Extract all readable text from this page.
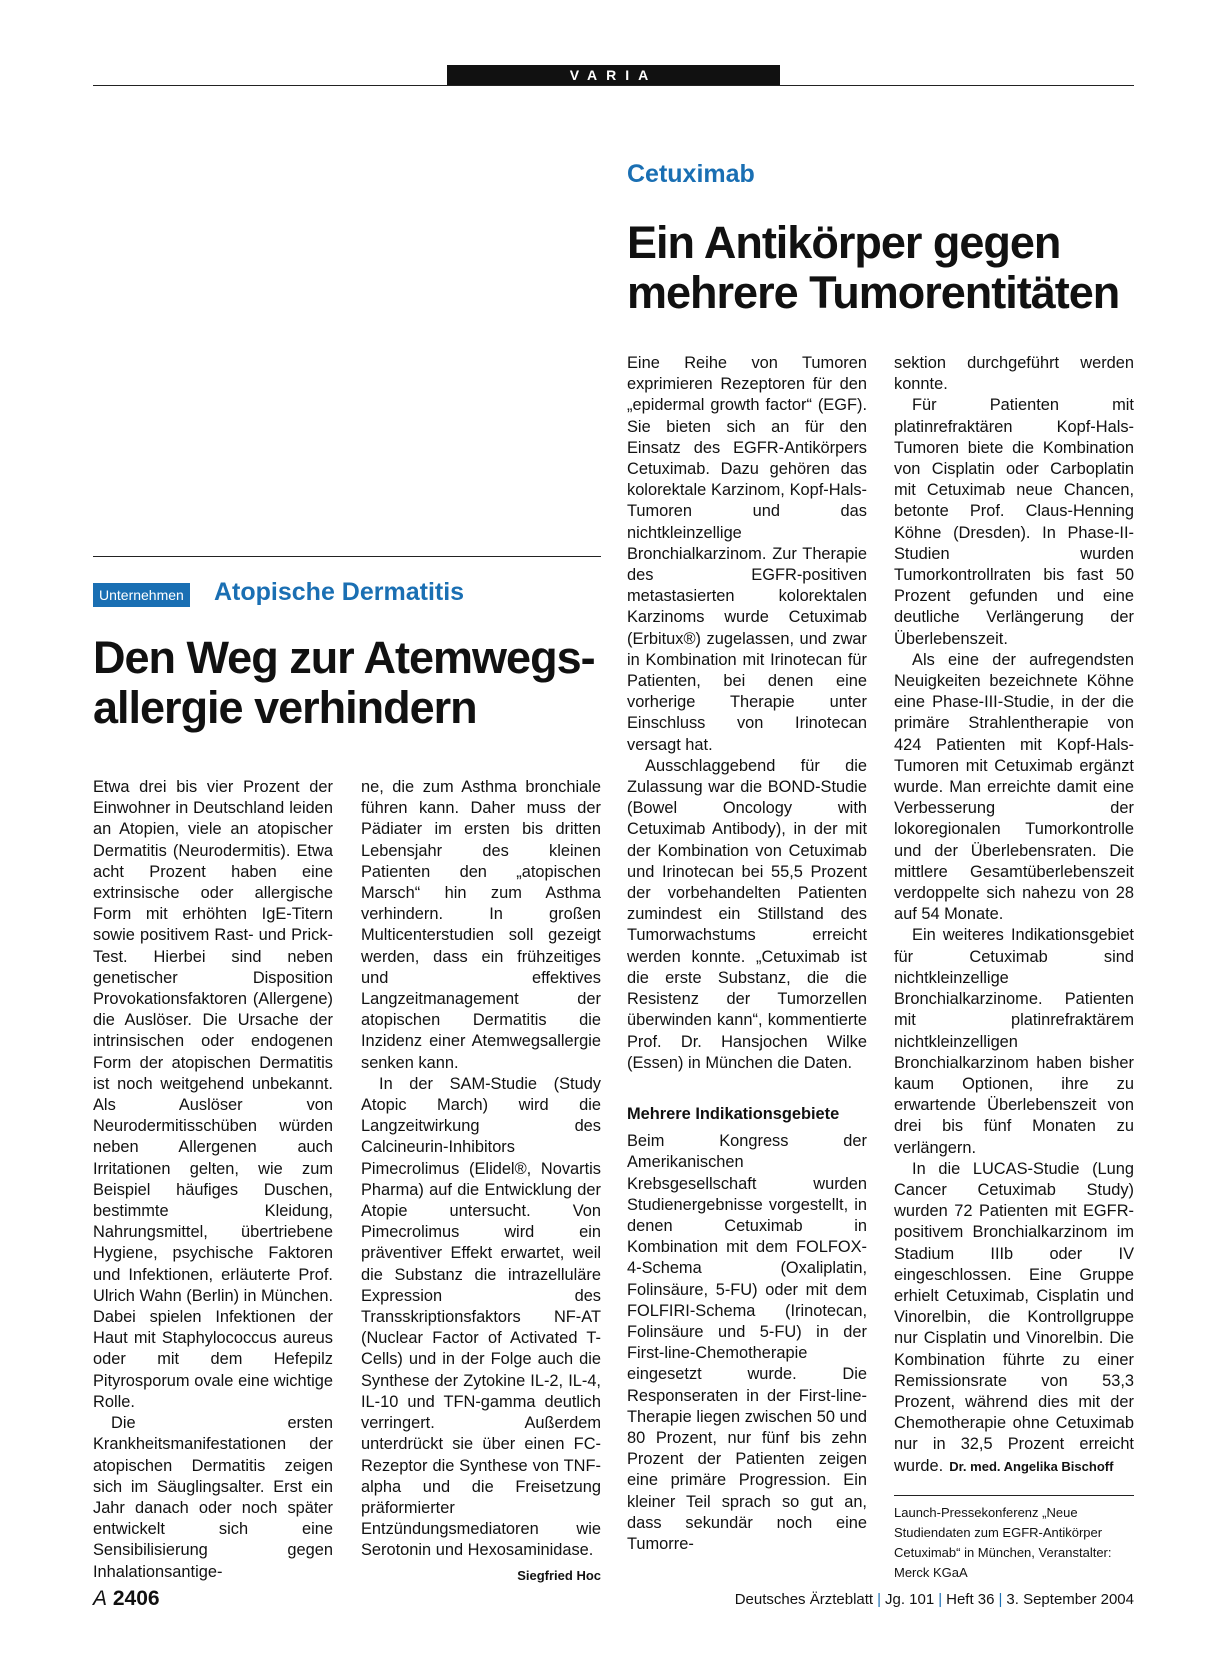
VARIA
Cetuximab
Ein Antikörper gegen mehrere Tumorentitäten
Unternehmen Atopische Dermatitis
Den Weg zur Atemwegs-allergie verhindern

Etwa drei bis vier Prozent der Einwohner in Deutschland leiden an Atopien, viele an atopischer Dermatitis (Neurodermitis). Etwa acht Prozent haben eine extrinsische oder allergische Form mit erhöhten IgE-Titern sowie positivem Rast- und Prick-Test. Hierbei sind neben genetischer Disposition Provokationsfaktoren (Allergene) die Auslöser. Die Ursache der intrinsischen oder endogenen Form der atopischen Dermatitis ist noch weitgehend unbekannt. Als Auslöser von Neurodermitisschüben würden neben Allergenen auch Irritationen gelten, wie zum Beispiel häufiges Duschen, bestimmte Kleidung, Nahrungsmittel, übertriebene Hygiene, psychische Faktoren und Infektionen, erläuterte Prof. Ulrich Wahn (Berlin) in München. Dabei spielen Infektionen der Haut mit Staphylococcus aureus oder mit dem Hefepilz Pityrosporum ovale eine wichtige Rolle.

Die ersten Krankheitsmanifestationen der atopischen Dermatitis zeigen sich im Säuglingsalter. Erst ein Jahr danach oder noch später entwickelt sich eine Sensibilisierung gegen Inhalationsantige-

ne, die zum Asthma bronchiale führen kann. Daher muss der Pädiater im ersten bis dritten Lebensjahr des kleinen Patienten den „atopischen Marsch“ hin zum Asthma verhindern. In großen Multicenterstudien soll gezeigt werden, dass ein frühzeitiges und effektives Langzeitmanagement der atopischen Dermatitis die Inzidenz einer Atemwegsallergie senken kann.

In der SAM-Studie (Study Atopic March) wird die Langzeitwirkung des Calcineurin-Inhibitors Pimecrolimus (Elidel®, Novartis Pharma) auf die Entwicklung der Atopie untersucht. Von Pimecrolimus wird ein präventiver Effekt erwartet, weil die Substanz die intrazelluläre Expression des Transskriptionsfaktors NF-AT (Nuclear Factor of Activated T-Cells) und in der Folge auch die Synthese der Zytokine IL-2, IL-4, IL-10 und TFN-gamma deutlich verringert. Außerdem unterdrückt sie über einen FC-Rezeptor die Synthese von TNF-alpha und die Freisetzung präformierter Entzündungsmediatoren wie Serotonin und Hexosaminidase.

Siegfried Hoc

Eine Reihe von Tumoren exprimieren Rezeptoren für den „epidermal growth factor“ (EGF). Sie bieten sich an für den Einsatz des EGFR-Antikörpers Cetuximab. Dazu gehören das kolorektale Karzinom, Kopf-Hals-Tumoren und das nichtkleinzellige Bronchialkarzinom. Zur Therapie des EGFR-positiven metastasierten kolorektalen Karzinoms wurde Cetuximab (Erbitux®) zugelassen, und zwar in Kombination mit Irinotecan für Patienten, bei denen eine vorherige Therapie unter Einschluss von Irinotecan versagt hat.

Ausschlaggebend für die Zulassung war die BOND-Studie (Bowel Oncology with Cetuximab Antibody), in der mit der Kombination von Cetuximab und Irinotecan bei 55,5 Prozent der vorbehandelten Patienten zumindest ein Stillstand des Tumorwachstums erreicht werden konnte. „Cetuximab ist die erste Substanz, die die Resistenz der Tumorzellen überwinden kann“, kommentierte Prof. Dr. Hansjochen Wilke (Essen) in München die Daten.

Mehrere Indikationsgebiete

Beim Kongress der Amerikanischen Krebsgesellschaft wurden Studienergebnisse vorgestellt, in denen Cetuximab in Kombination mit dem FOLFOX-4-Schema (Oxaliplatin, Folinsäure, 5-FU) oder mit dem FOLFIRI-Schema (Irinotecan, Folinsäure und 5-FU) in der First-line-Chemotherapie eingesetzt wurde. Die Responseraten in der First-line-Therapie liegen zwischen 50 und 80 Prozent, nur fünf bis zehn Prozent der Patienten zeigen eine primäre Progression. Ein kleiner Teil sprach so gut an, dass sekundär noch eine Tumorre-

sektion durchgeführt werden konnte.

Für Patienten mit platinrefraktären Kopf-Hals-Tumoren biete die Kombination von Cisplatin oder Carboplatin mit Cetuximab neue Chancen, betonte Prof. Claus-Henning Köhne (Dresden). In Phase-II-Studien wurden Tumorkontrollraten bis fast 50 Prozent gefunden und eine deutliche Verlängerung der Überlebenszeit.

Als eine der aufregendsten Neuigkeiten bezeichnete Köhne eine Phase-III-Studie, in der die primäre Strahlentherapie von 424 Patienten mit Kopf-Hals-Tumoren mit Cetuximab ergänzt wurde. Man erreichte damit eine Verbesserung der lokoregionalen Tumorkontrolle und der Überlebensraten. Die mittlere Gesamtüberlebenszeit verdoppelte sich nahezu von 28 auf 54 Monate.

Ein weiteres Indikationsgebiet für Cetuximab sind nichtkleinzellige Bronchialkarzinome. Patienten mit platinrefraktärem nichtkleinzelligen Bronchialkarzinom haben bisher kaum Optionen, ihre zu erwartende Überlebenszeit von drei bis fünf Monaten zu verlängern.

In die LUCAS-Studie (Lung Cancer Cetuximab Study) wurden 72 Patienten mit EGFR-positivem Bronchialkarzinom im Stadium IIIb oder IV eingeschlossen. Eine Gruppe erhielt Cetuximab, Cisplatin und Vinorelbin, die Kontrollgruppe nur Cisplatin und Vinorelbin. Die Kombination führte zu einer Remissionsrate von 53,3 Prozent, während dies mit der Chemotherapie ohne Cetuximab nur in 32,5 Prozent erreicht wurde. Dr. med. Angelika Bischoff

Launch-Pressekonferenz „Neue Studiendaten zum EGFR-Antikörper Cetuximab“ in München, Veranstalter: Merck KGaA
A 2406	Deutsches Ärzteblatt | Jg. 101 | Heft 36 | 3. September 2004
